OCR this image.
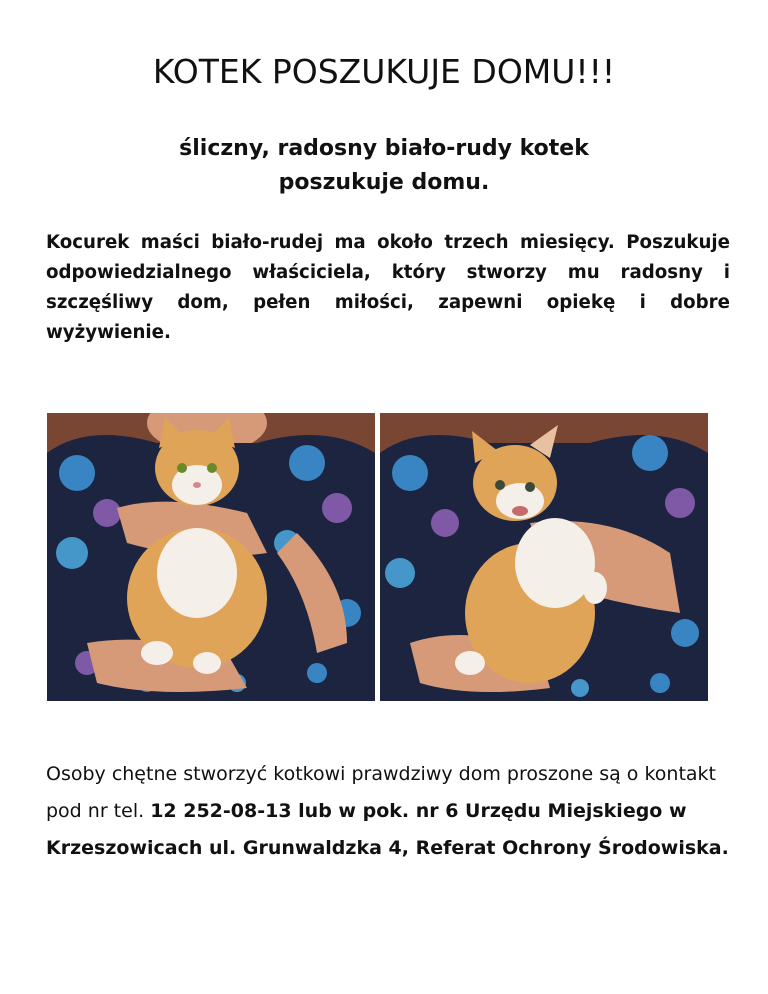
KOTEK POSZUKUJE DOMU!!!
śliczny, radosny biało-rudy kotek
poszukuje domu.

Kocurek maści biało-rudej ma około trzech miesięcy. Poszukuje odpowiedzialnego właściciela, który stworzy mu radosny i szczęśliwy dom, pełen miłości, zapewni opiekę i dobre wyżywienie.

Osoby chętne stworzyć kotkowi prawdziwy dom proszone są o kontakt pod nr tel. 12 252-08-13 lub w pok. nr 6 Urzędu Miejskiego w Krzeszowicach ul. Grunwaldzka 4, Referat Ochrony Środowiska.
